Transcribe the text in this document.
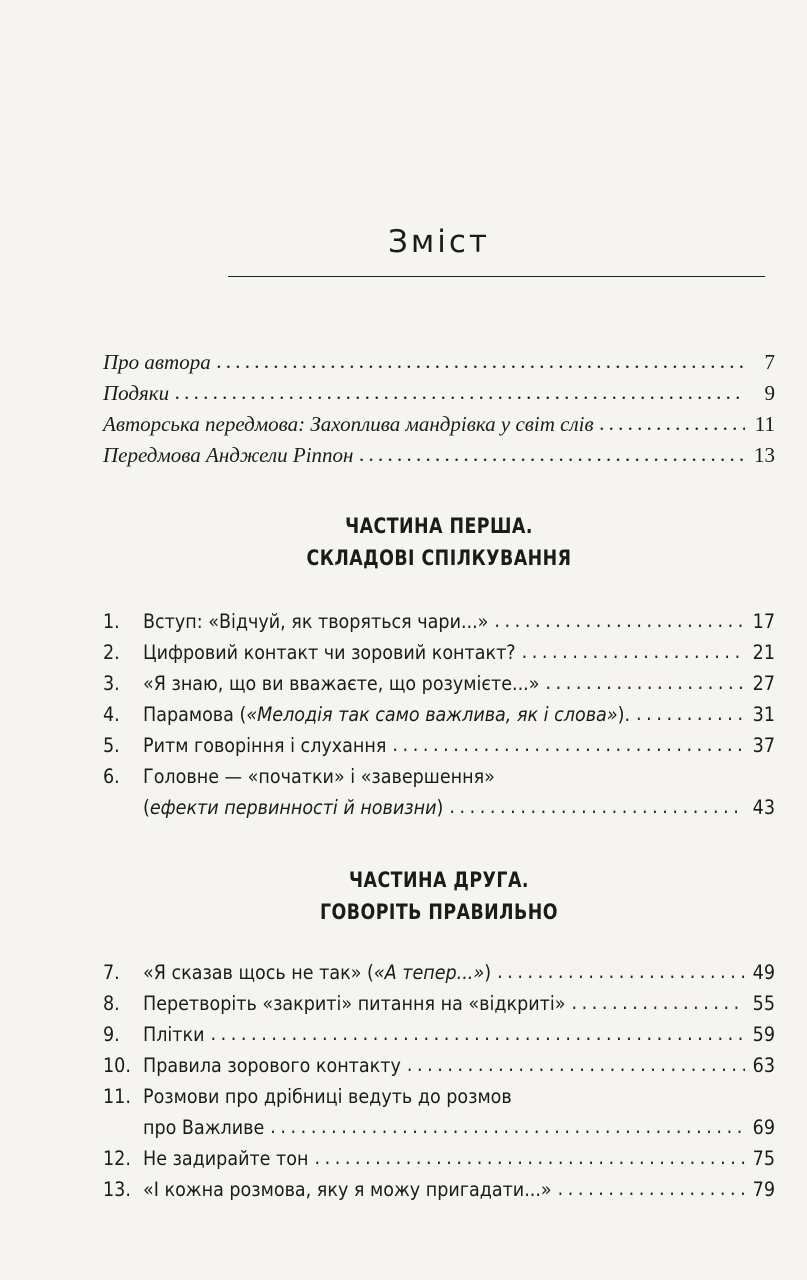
Зміст
Про автора . . .	7
Подяки . . .	9
Авторська передмова: Захоплива мандрівка у світ слів . . .	11
Передмова Анджели Ріппон . . .	13
ЧАСТИНА ПЕРША.
СКЛАДОВІ СПІЛКУВАННЯ
1.	Вступ: «Відчуй, як творяться чари...» . . .	17
2.	Цифровий контакт чи зоровий контакт? . . .	21
3.	«Я знаю, що ви вважаєте, що розумієте...» . . .	27
4.	Парамова («Мелодія так само важлива, як і слова»). . . .	31
5.	Ритм говоріння і слухання . . .	37
6.	Головне — «початки» і «завершення»
(ефекти первинності й новизни) . . .	43
ЧАСТИНА ДРУГА.
ГОВОРІТЬ ПРАВИЛЬНО
7.	«Я сказав щось не так» («А тепер...») . . .	49
8.	Перетворіть «закриті» питання на «відкриті» . . .	55
9.	Плітки . . .	59
10. Правила зорового контакту . . .	63
11. Розмови про дрібниці ведуть до розмов
про Важливе . . .	69
12. Не задирайте тон . . .	75
13. «І кожна розмова, яку я можу пригадати...» . . .	79
